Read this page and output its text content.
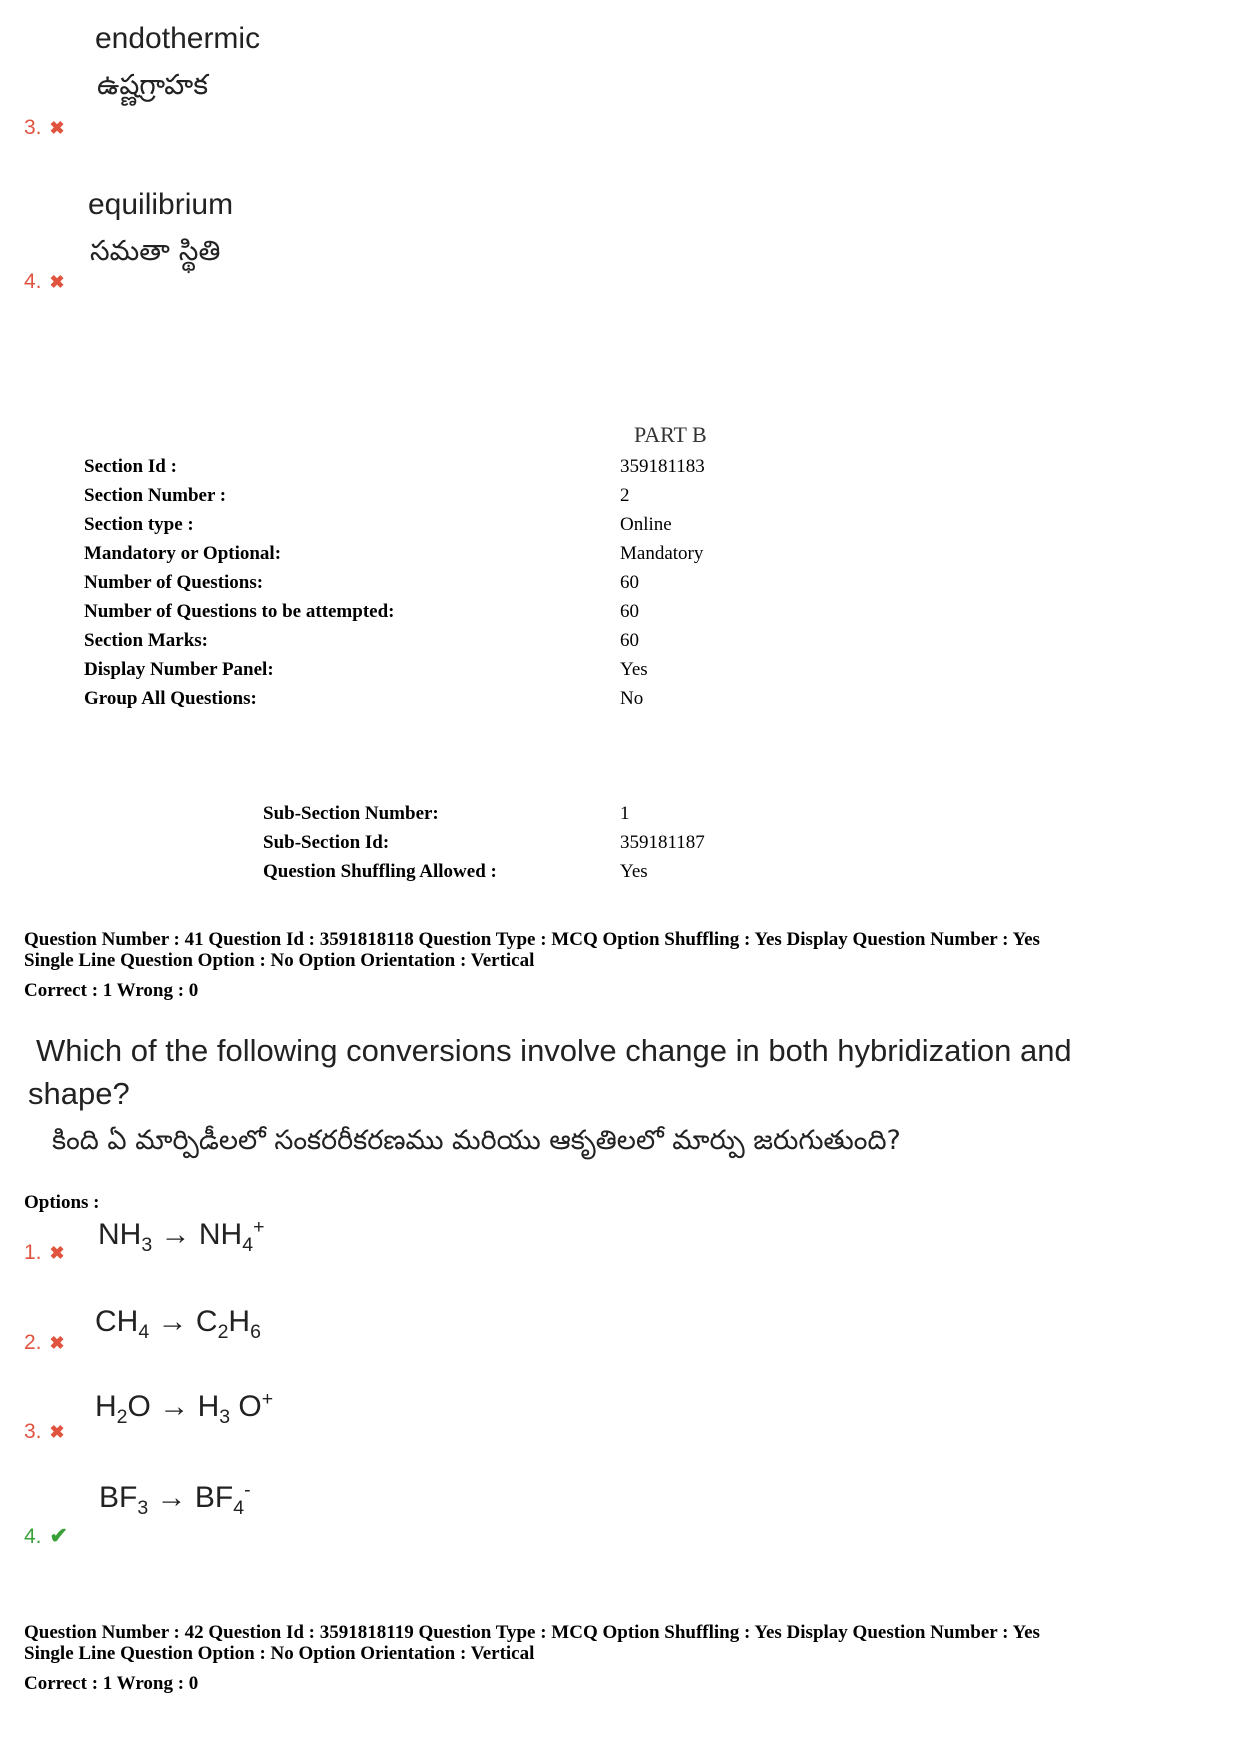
endothermic
ఉష్ణగ్రాహక
3. ✖
equilibrium
సమతా స్థితి
4. ✖
PART B
Section Id :	359181183
Section Number :	2
Section type :	Online
Mandatory or Optional:	Mandatory
Number of Questions:	60
Number of Questions to be attempted:	60
Section Marks:	60
Display Number Panel:	Yes
Group All Questions:	No
Sub-Section Number:	1
Sub-Section Id:	359181187
Question Shuffling Allowed :	Yes
Question Number : 41 Question Id : 3591818118 Question Type : MCQ Option Shuffling : Yes Display Question Number : Yes
Single Line Question Option : No Option Orientation : Vertical
Correct : 1 Wrong : 0
Which of the following conversions involve change in both hybridization and
shape?
కింది ఏ మార్పిడీలలో సంకరరీకరణము మరియు ఆకృతిలలో మార్పు జరుగుతుంది?
Options :
$NH_3 \to NH_4^+$
1. ✖
$CH_4 \to C_2H_6$
2. ✖
$H_2O \to H_3$ O+
3. ✖
$BF_3 \to BF_4^-$
4. ✔
Question Number : 42 Question Id : 3591818119 Question Type : MCQ Option Shuffling : Yes Display Question Number : Yes
Single Line Question Option : No Option Orientation : Vertical
Correct : 1 Wrong : 0
